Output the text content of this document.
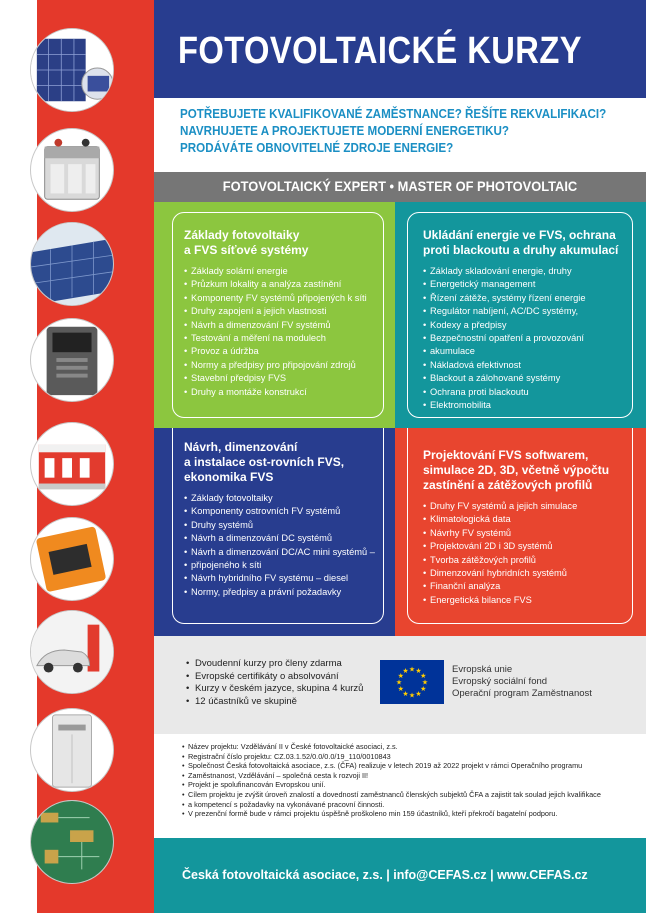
FOTOVOLTAICKÉ KURZY
POTŘEBUJETE KVALIFIKOVANÉ ZAMĚSTNANCE? ŘEŠÍTE REKVALIFIKACI?
NAVRHUJETE A PROJEKTUJETE MODERNÍ ENERGETIKU?
PRODÁVÁTE OBNOVITELNÉ ZDROJE ENERGIE?
FOTOVOLTAICKÝ EXPERT • MASTER OF PHOTOVOLTAIC
Základy fotovoltaiky
a FVS síťové systémy
• Základy solární energie
• Průzkum lokality a analýza zastínění
• Komponenty FV systémů připojených k síti
• Druhy zapojení a jejich vlastnosti
• Návrh a dimenzování FV systémů
• Testování a měření na modulech
• Provoz a údržba
• Normy a předpisy pro připojování zdrojů
• Stavební předpisy FVS
• Druhy a montáže konstrukcí
Ukládání energie ve FVS, ochrana
proti blackoutu a druhy akumulací
• Základy skladování energie, druhy
• Energetický management
• Řízení zátěže, systémy řízení energie
• Regulátor nabíjení, AC/DC systémy,
• Kodexy a předpisy
• Bezpečnostní opatření a provozování
• akumulace
• Nákladová efektivnost
• Blackout a zálohované systémy
• Ochrana proti blackoutu
• Elektromobilita
Návrh, dimenzování
a instalace ost-rovních FVS,
ekonomika FVS
• Základy fotovoltaiky
• Komponenty ostrovních FV systémů
• Druhy systémů
• Návrh a dimenzování DC systémů
• Návrh a dimenzování DC/AC mini systémů –
• připojeného k síti
• Návrh hybridního FV systému – diesel
• Normy, předpisy a právní požadavky
Projektování FVS softwarem,
simulace 2D, 3D, včetně výpočtu
zastínění a zátěžových profilů
• Druhy FV systémů a jejich simulace
• Klimatologická data
• Návrhy FV systémů
• Projektování 2D i 3D systémů
• Tvorba zátěžových profilů
• Dimenzování hybridních systémů
• Finanční analýza
• Energetická bilance FVS
• Dvoudenní kurzy pro členy zdarma
• Evropské certifikáty o absolvování
• Kurzy v českém jazyce, skupina 4 kurzů
• 12 účastníků ve skupině
★
★
★
★
★
★
★
★
★ ★ ★
★
Evropská unie
Evropský sociální fond
Operační program Zaměstnanost
• Název projektu: Vzdělávání II v České fotovoltaické asociaci, z.s.
• Registrační číslo projektu: CZ.03.1.52/0.0/0.0/19_110/0010843
• Společnost Česká fotovoltaická asociace, z.s. (ČFA) realizuje v letech 2019 až 2022 projekt v rámci Operačního programu
• Zaměstnanost, Vzdělávání – společná cesta k rozvoji II!
• Projekt je spolufinancován Evropskou unií.
• Cílem projektu je zvýšit úroveň znalostí a dovedností zaměstnanců členských subjektů ČFA a zajistit tak soulad jejich kvalifikace
• a kompetencí s požadavky na vykonávané pracovní činnosti.
• V prezenční formě bude v rámci projektu úspěšně proškoleno min 159 účastníků, kteří překročí bagatelní podporu.
Česká fotovoltaická asociace, z.s. | info@CEFAS.cz | www.CEFAS.cz
